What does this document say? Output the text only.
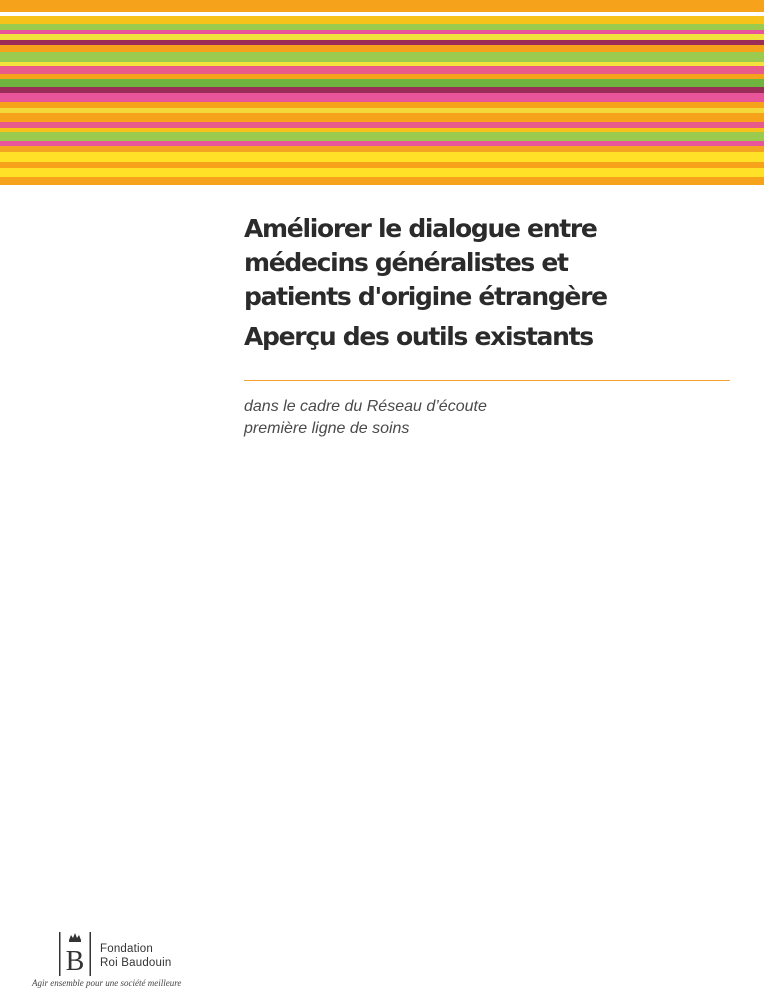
Améliorer le dialogue entre
médecins généralistes et
patients d'origine étrangère
Aperçu des outils existants
dans le cadre du Réseau d’écoute
première ligne de soins
B Fondation
Roi Baudouin
Agir ensemble pour une société meilleure
